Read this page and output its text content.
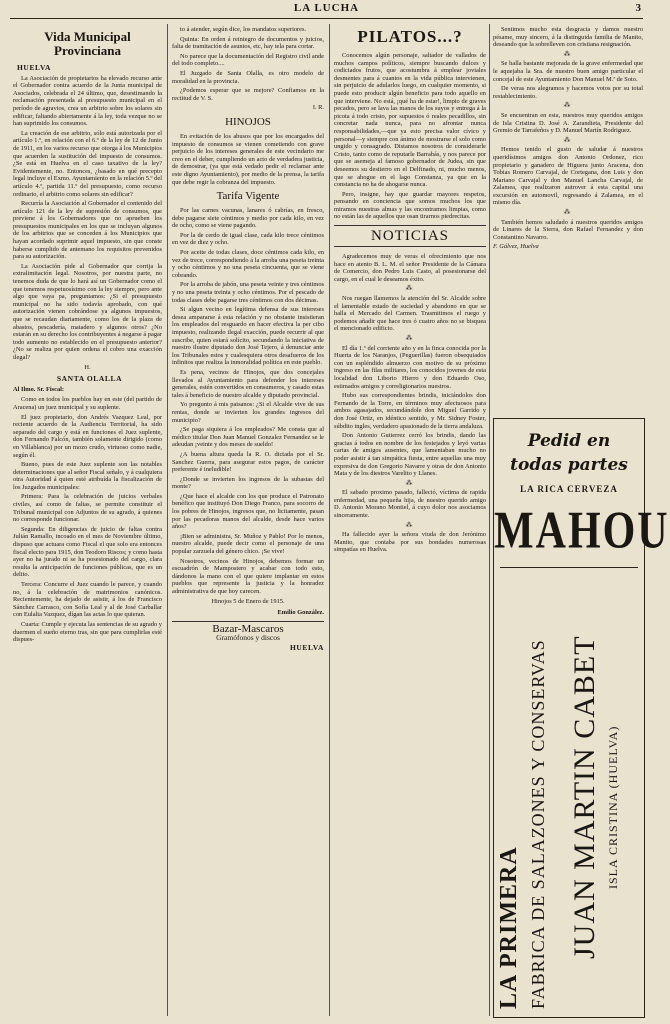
LA LUCHA	3
Vida Municipal Provinciana
HUELVA

La Asociación de propietarios ha elevado recurso ante el Gobernador contra acuerdo de la Junta municipal de Asociados, celebrada el 24 último, que, desestimando la reclamación presentada al presupuesto municipal en el período de agravios, crea un arbitrio sobre los solares sin edificar, faltando abiertamente á la ley, toda vezque no se han suprimido los consumos.

La creación de ese arbitrio, sólo está autorizada por el artículo 1.º, en relación con el 6.º de la ley de 12 de Junio de 1911, en los varios recurso que otorga á los Municipios que acuerden la sustitución del impuesto de consumos. ¿Se está en Huelva en el caso taxativo de la ley? Evidentemente, no. Entonces, ¿basado en qué precepto legal incluye el Exmo. Ayuntamiento en la relación 5.º del artículo 4.º, partida 11.º del presupuesto, como recurso ordinario, el arbitrio como solares sin edificar?

Recurría la Asociación al Gobernador el contenido del artículo 121 de la ley de supresión de consumos, que previene á los Gobernadores que no aprueben los presupuestos municipales en los que se incluyan algunos de los arbitrios que se conceden á los Municipios que hayan acordado suprimir aquel impuesto, sin que conste haberse cumplido de antemano los requisitos prevenidos para su autorización.

La Asociación pide al Gobernador que corrija la extralimitación legal. Nosotros, por nuestra parte, no tenemos duda de que lo hará así un Gobernador como el que tenemos respetuosísimo con la ley siempre, pero ante algo que vaya pa, preguntamos: ¿Si el presupuesto municipal no ha sido todavía aprobado, con qué autorización vienen cobrándose ya algunos impuestos, que se recaudan diariamente, como los de la plaza de abastos, pescadería, matadero y algunos otros? ¿No estarán en su derecho los contribuyentes á negarse á pagar todo aumento no establecido en el presupuesto anterior? ¿No se realiza por quien ordena el cobro una exacción ilegal?

H.
SANTA OLALLA
Al Ilmo. Sr. Fiscal:

Como en todos los pueblos hay en este (del partido de Aracena) un juez municipal y su suplente.

El juez propietario, don Andrés Vazquez Leal, por reciente acuerdo de la Audiencia Territorial, ha sido separado del cargo y está en funciones el Juez suplente, don Fernando Falcón, también solamente dirigido (como en Villablanca) por un mozo crudo, virtuoso como nadie, según él.

Bueno, pues de este Juez suplente son las notables determinaciones que al señor Fiscal señalo, y á cualquiera otra Autoridad á quien esté atribuída la fiscalización de los Juzgados municipales:

Primera: Para la celebración de juicios verbales civiles, así como de faltas, se permite constituir el Tribunal municipal con Adjuntos de su agrado, á quienes no corresponde funcionar.

Segunda: En diligencias de juicio de faltas contra Julián Ramallo, incoado en el mes de Noviembre último, dispuso que actuara como Fiscal el que solo era entonces fiscal electo para 1915, don Teodoro Riscos; y como hasta ayer no ha jurado ni se ha posesionado del cargo, clara resulta la anticipación de funciones públicas, que es un delito.

Tercera: Concurre el Juez cuando le parece, y cuando no, á la celebración de matrimonios canónicos. Recientemente, ha dejado de asistir, á los de Francisco Sánchez Carrasco, con Sofía Leal y al de José Carballar con Eulalia Vazquez, dígan las actas lo que quieran.

Cuarta: Cumple y ejecuta las sentencias de su agrado y duermen el sueño eterno tras, sin que para cumplirlas esté dispues-

to á atender, según dice, los mandatos superiores.

Quinta: En orden á reintegro de documentos y juicios, falta de tramitación de asuntos, etc, hay tela para cortar.

No parece que la documentación del Registro civil ande del todo completo....

El Juzgado de Santa Olalla, es otro modelo de moralidad en la provincia.

¿Podemos esperar que se mejore? Confiamos en la rectitud de V. S.

I. R.
HINOJOS

En evitación de los abusos que por los encargados del impuesto de consumos se vienen cometiendo con grave perjuicio de los intereses generales de este vecindario me creo en el deber, cumpliendo un acto de verdadera justicia, de demostrar, (ya que está vedado pedir el reclamar ante este digno Ayuntamiento), por medio de la prensa, la tarifa que debe regir la cobranza del impuesto.

Tarifa Vigente

Por las carnes vacunas, lanares ó cabrías, en fresco, debe pagarse siete céntimos y medio por cada kilo, en vez de ocho, como se viene pagando.

Por la de cerdo de igual clase, cada kilo trece céntimos en vez de diez y ocho.

Por aceite de todas clases, doce céntimos cada kilo, en vez de trece, correspondiendo á la arroba una peseta treinta y ocho céntimos y no una peseta cincuenta, que se viene cobrando.

Por la arroba de jabón, una peseta veinte y tres céntimos y no una peseta treinta y ocho céntimos. Por el pescado de todas clases debe pagarse tres céntimos con dos décimas.

Si algun vecino en legítima defensa de sus intereses desea ampararse á esta relación y no obstante insistieran los empleados del resguardo en hacer efectiva la per cibo impuesto, realizando ilegal exacción, puede recurrir al que suscribe, quien estará solícito, secundando la iniciativa de nuestro ilustre diputado don José Tejero, á denunciar ante los Tribunales estos y cualesquiera otros desafueros de los infinitos que realiza la inmoralidad política en este pueblo.

Es pena, vecinos de Hinojos, que dos concejales llevados al Ayuntamiento para defender los intereses generales, estén convertidos en consumeros, y casado estas tales á beneficio de nuestro alcalde y diputado provincial.

Yo pregunto á mis paisanos: ¿Si el Alcalde vive de sus rentas, donde se invierten los grandes ingresos del municipio?

¿Se paga siquiera á los empleados? Me consta que al médico titular Don Juan Manuel Gonzalez Fernandez se le adeudan ¡veinte y dos meses de sueldo!

¿A buena altura queda la R. O. dictada por el Sr. Sanchez Guerra, para asegurar estos pagos, de carácter preferente é ineludible!

¿Donde se invierten los ingresos de la subastas del monte?

¿Que hace el alcalde con los que produce el Patronato benéfico que instituyó Don Diego Franco, para socorro de los pobres de Hinojos, ingresos que, no licitamente, pasan por las pecadoras manos del alcalde, desde hace varios años?

¡Bien se administra, Sr. Muñoz y Pablo! Por lo menos, nuestro alcalde, puede decir como el personaje de una popular zarzuela del género chico. ¡Se vive!

Nosotros, vecinos de Hinojos, debemos formar un escuadrón de Mampostero y acabar con todo esto, dándonos la mano con el que quiere implantar en estos pueblos que represente la justicia y la honradez administrativa de que hoy carecen.

Hinojos 5 de Enero de 1915.
Emilio González.
Bazar-Mascaros
Gramófonos y discos
HUELVA
PILATOS...?

Conocemos algún personaje, saltador de vallados de muchos campos políticos, siempre buscando dulces y codiciados frutos, que acostumbra á emplear joviales desmentes para á cuantos en la vida pública intervienen, sin perjuicio de adularlos luego, en cualquier momento, si puede esto producir algún beneficio para todo aquello en que interviene. No está, ¡qué ha de estar!, limpio de graves pecados, pero se lava las manos de los suyos y entrega á la picota á todo cristo, por supuestos ó reales pecadillos, sin concretar nada nunca, para no afrontar nunca responsabilidades,—que ya esto precisa valor cívico y personal—y siempre con ánimo de mostrarse el solo como ungido y consagrado. Distamos nosotros de considerarle Cristo, tanto como de reputarle Barrabás, y nos parece por que se asemeja al famoso gobernador de Judea, sin que deseemos su destierro en el Delfinado, ni, mucho menos, que se ahogue en el lago Constanza, ya que en la constancia no ha de ahogarse nunca.

Pero, insigne, hay que guardar mayores respetos, pensando en conciencia que somos muchos los que miramos nuestras almas y las encontramos limpias, como no están las de aquellos que osan tirarnos piedrecitas.

NOTICIAS

Agradecemos muy de veras el ofrecimiento que nos hace en atento B. L. M. el señor Presidente de la Cámara de Comercio, don Pedro Luis Casto, al posesionarse del cargo, en el cual le deseamos éxito.

⁂

Nos ruegan llamemos la atención del Sr. Alcalde sobre el lamentable estado de suciedad y abandono en que se halla el Mercado del Carmen. Trasmitimos el ruego y podemos añadir que hace tres ó cuatro años no se bisquea el mencionado edificio.

⁂

El día 1.º del corriente año y en la finca conocida por la Huerta de los Naranjos, (Peguerillas) fueron obsequiados con un espléndido almuerzo con motivo de su próximo ingreso en las filas militares, los conocidos jovenes de esta localidad don Liborio Hierro y don Eduardo Oso, estimados amigos y correligionarios nuestros.

Hubo sus correspondientes brindis, iniciándolos don Fernando de la Torre, en términos muy afectuosos para ambos agasajados, secundándole don Miguel Garrido y don José Ortiz, en idéntico sentido, y Mr. Sidney Foster, súbdito ingles, verdadero apasionado de la tierra andaluza.

Don Antonio Gutierrez cerró los brindis, dando las gracias á todos en nombre de los festejados y leyó varias cartas de amigos ausentes, que lamentaban mucho no poder asistir á tan simpática fiesta, entre aquellas una muy expresiva de don Gregorio Navarre y otras de don Antonio Mata y de los diestros Varelito y Llanes.

⁂

El sabado proximo pasado, falleció, víctima de rapida enfermedad, una pequeña hija, de nuestro querido amigo D. Antonio Morano Montiel, á cuyo dolor nos asociamos sinceramente.

⁂

Ha fallecido ayer la señora viuda de don Jerónimo Manito, que contaba por sus bondades numerosas simpatías en Huelva.

Sentimos mucho esta desgracia y damos nuestro pésame, muy sincero, á la distinguida familia de Manito, deseando que la sobrelleven con cristiana resignación.

⁂

Se halla bastante mejorada de la grave enfermedad que le aquejaba la Sra. de nuestro buen amigo particular el concejal de este Ayuntamiento Don Manuel M.ª de Soto.

De veras nos alegramos y hacemos votos por su total restablecimiento.

⁂

Se encuentran en esta, nuestros muy queridos amigos de Isla Cristina D. José A. Zarandieta, Presidente del Gremio de Tarrafeños y D. Manuel Martín Rodriguez.

⁂

Hemos tenido el gusto de saludar á nuestros queridísimos amigos don Antonio Ordonez, rico propietario y ganadero de Higuera junto Aracena, don Tobias Romero Carvajal, de Cortegana, don Luis y don Mariano Carvajal y don Manuel Lancha Carvajal, de Zalamea, que realizaron autrover á esta capital una excursión en automovil, regresando á Zalamea, en el mismo día.

⁂

También hemos saludado á nuestros queridos amigos de Linares de la Sierra, don Rafael Fernandez y don Constantino Navarro.

F. Gálvez, Huelva
Pedid en
todas partes
LA RICA CERVEZA
MAHOU
LA PRIMERA FABRICA DE SALAZONES Y CONSERVAS JUAN MARTIN CABET ISLA CRISTINA (HUELVA)
